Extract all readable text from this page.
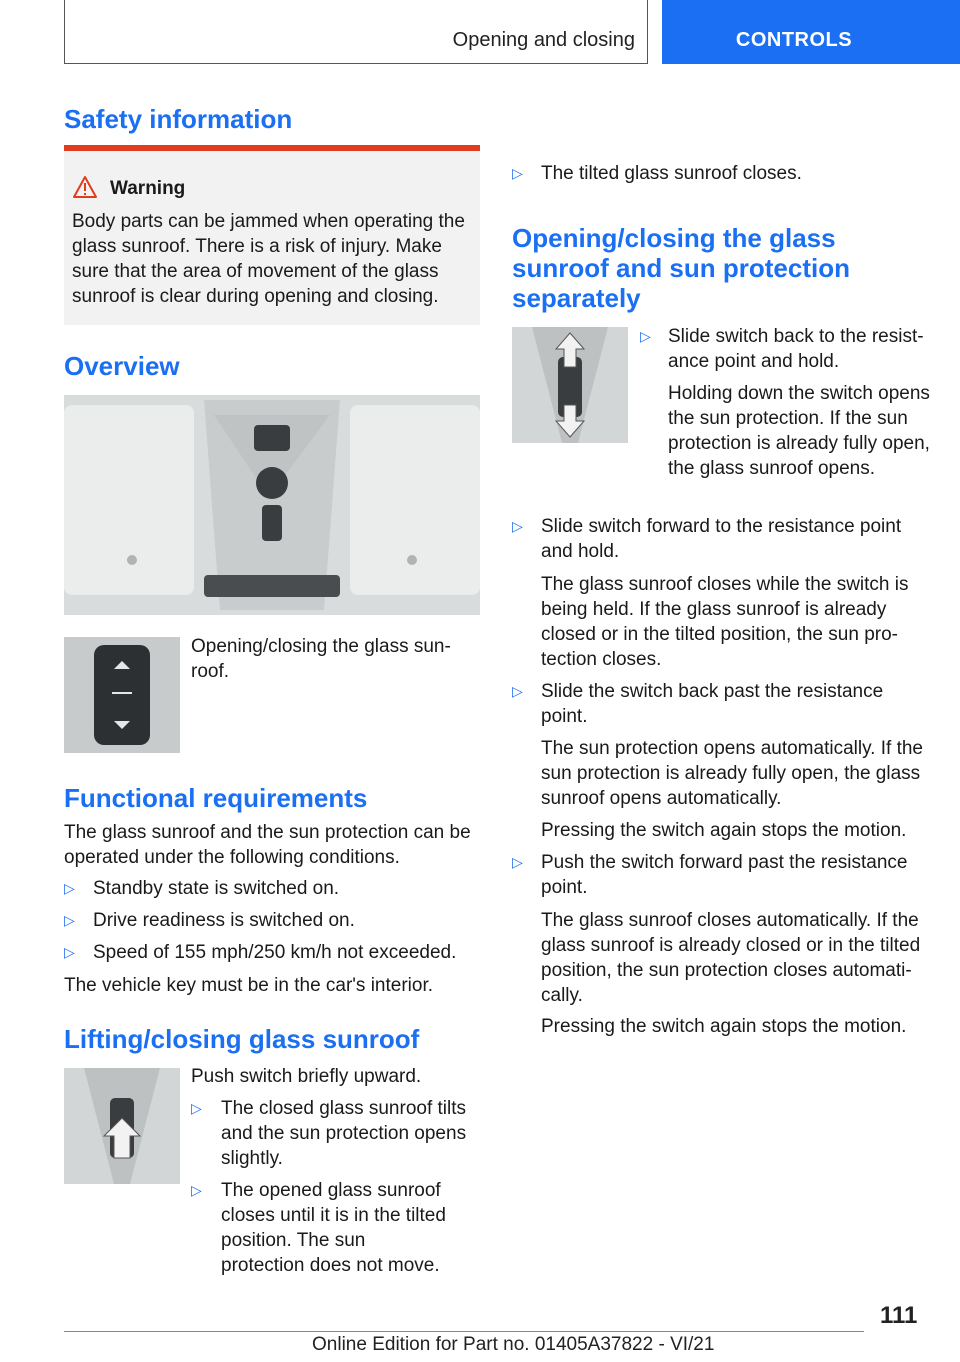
Opening and closing	CONTROLS
Safety information
Warning
Body parts can be jammed when operating the glass sunroof. There is a risk of injury. Make sure that the area of movement of the glass sunroof is clear during opening and closing.
Overview

Opening/closing the glass sun-roof.

Functional requirements

The glass sunroof and the sun protection can be operated under the following conditions.

▷ Standby state is switched on.
▷ Drive readiness is switched on.
▷ Speed of 155 mph/250 km/h not exceeded.

The vehicle key must be in the car's interior.

Lifting/closing glass sunroof

Push switch briefly upward.

▷ The closed glass sunroof tilts and the sun protection opens slightly.
▷ The opened glass sunroof closes until it is in the tilted position. The sun protection does not move.
▷ The tilted glass sunroof closes.
Opening/closing the glass sunroof and sun protection separately
▷ Slide switch back to the resist-ance point and hold.

Holding down the switch opens the sun protection. If the sun protection is already fully open, the glass sunroof opens.

▷ Slide switch forward to the resistance point and hold.

The glass sunroof closes while the switch is being held. If the glass sunroof is already closed or in the tilted position, the sun pro-tection closes.

▷ Slide the switch back past the resistance point.

The sun protection opens automatically. If the sun protection is already fully open, the glass sunroof opens automatically.

Pressing the switch again stops the motion.

▷ Push the switch forward past the resistance point.

The glass sunroof closes automatically. If the glass sunroof is already closed or in the tilted position, the sun protection closes automati-cally.

Pressing the switch again stops the motion.

111
Online Edition for Part no. 01405A37822 - VI/21
